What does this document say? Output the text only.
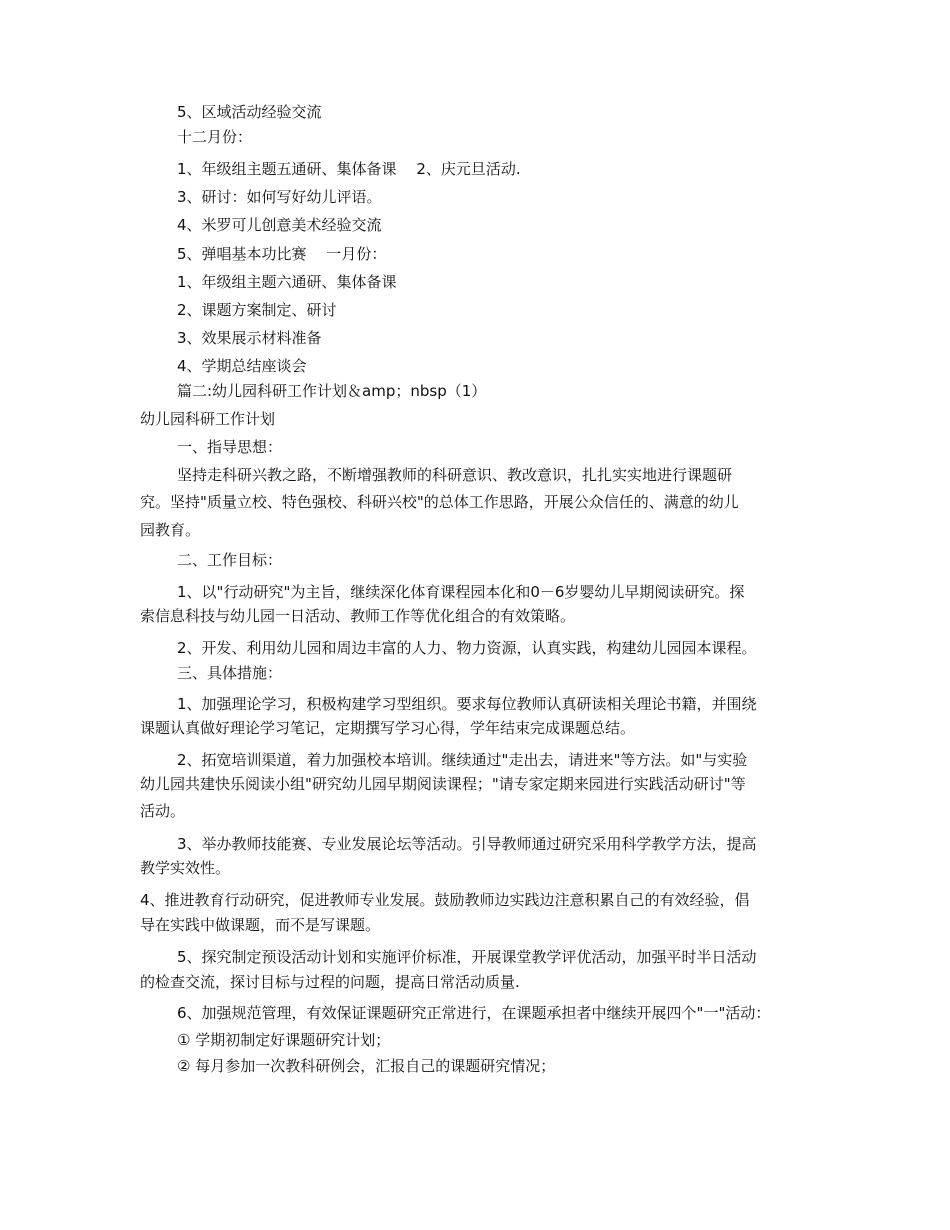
5、区域活动经验交流

十二月份：

1、年级组主题五通研、集体备课　 2、庆元旦活动.

3、研讨：如何写好幼儿评语。

4、米罗可儿创意美术经验交流

5、弹唱基本功比赛　 一月份：

1、年级组主题六通研、集体备课

2、课题方案制定、研讨

3、效果展示材料准备

4、学期总结座谈会

篇二:幼儿园科研工作计划＆amp；nbsp（1）

幼儿园科研工作计划

一、指导思想：

坚持走科研兴教之路，不断增强教师的科研意识、教改意识，扎扎实实地进行课题研

究。坚持"质量立校、特色强校、科研兴校"的总体工作思路，开展公众信任的、满意的幼儿

园教育。

二、工作目标：

1、以"行动研究"为主旨，继续深化体育课程园本化和0－6岁婴幼儿早期阅读研究。探

索信息科技与幼儿园一日活动、教师工作等优化组合的有效策略。

2、开发、利用幼儿园和周边丰富的人力、物力资源，认真实践，构建幼儿园园本课程。

三、具体措施：

1、加强理论学习，积极构建学习型组织。要求每位教师认真研读相关理论书籍，并围绕

课题认真做好理论学习笔记，定期撰写学习心得，学年结束完成课题总结。

2、拓宽培训渠道，着力加强校本培训。继续通过"走出去，请进来"等方法。如"与实验

幼儿园共建快乐阅读小组"研究幼儿园早期阅读课程；"请专家定期来园进行实践活动研讨"等

活动。

3、举办教师技能赛、专业发展论坛等活动。引导教师通过研究采用科学教学方法，提高

教学实效性。

4、推进教育行动研究，促进教师专业发展。鼓励教师边实践边注意积累自己的有效经验，倡

导在实践中做课题，而不是写课题。

5、探究制定预设活动计划和实施评价标准，开展课堂教学评优活动，加强平时半日活动

的检查交流，探讨目标与过程的问题，提高日常活动质量.

6、加强规范管理，有效保证课题研究正常进行，在课题承担者中继续开展四个"一"活动：

① 学期初制定好课题研究计划；

② 每月参加一次教科研例会，汇报自己的课题研究情况；
